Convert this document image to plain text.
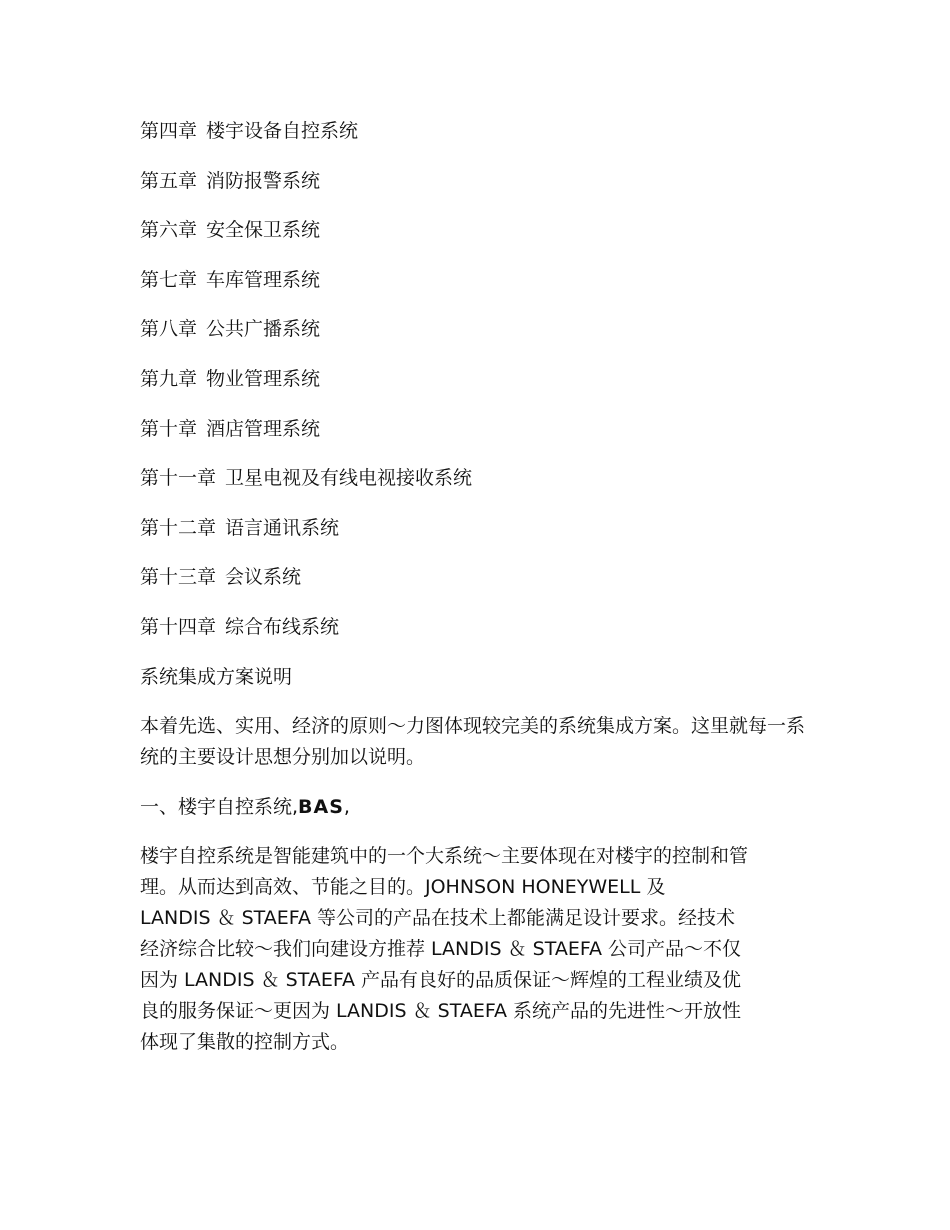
第四章 楼宇设备自控系统
第五章 消防报警系统
第六章 安全保卫系统
第七章 车库管理系统
第八章 公共广播系统
第九章 物业管理系统
第十章 酒店管理系统
第十一章 卫星电视及有线电视接收系统
第十二章 语言通讯系统
第十三章 会议系统
第十四章 综合布线系统
系统集成方案说明
本着先选、实用、经济的原则～力图体现较完美的系统集成方案。这里就每一系统的主要设计思想分别加以说明。
一、楼宇自控系统,BAS,
楼宇自控系统是智能建筑中的一个大系统～主要体现在对楼宇的控制和管
理。从而达到高效、节能之目的。JOHNSON HONEYWELL 及
LANDIS ＆ STAEFA 等公司的产品在技术上都能满足设计要求。经技术
经济综合比较～我们向建设方推荐 LANDIS ＆ STAEFA 公司产品～不仅
因为 LANDIS ＆ STAEFA 产品有良好的品质保证～辉煌的工程业绩及优
良的服务保证～更因为 LANDIS ＆ STAEFA 系统产品的先进性～开放性
体现了集散的控制方式。
